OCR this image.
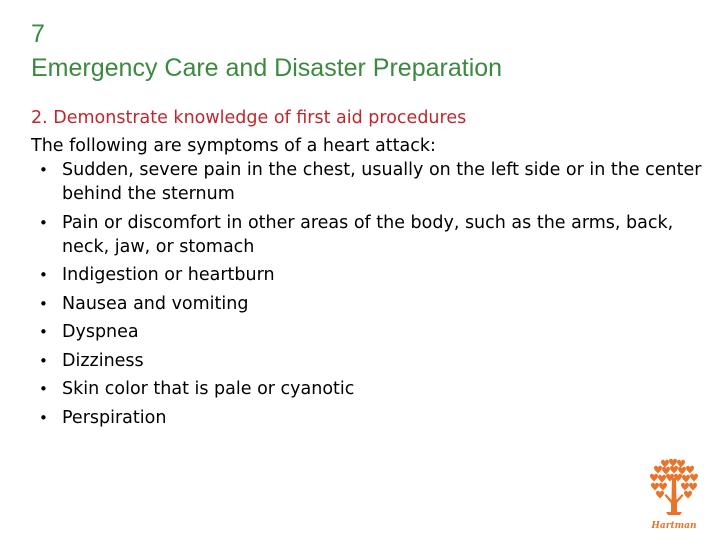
7
Emergency Care and Disaster Preparation
2. Demonstrate knowledge of first aid procedures
The following are symptoms of a heart attack:
• Sudden, severe pain in the chest, usually on the left side or in the center behind the sternum
• Pain or discomfort in other areas of the body, such as the arms, back, neck, jaw, or stomach
• Indigestion or heartburn
• Nausea and vomiting
• Dyspnea
• Dizziness
• Skin color that is pale or cyanotic
• Perspiration
Hartman
